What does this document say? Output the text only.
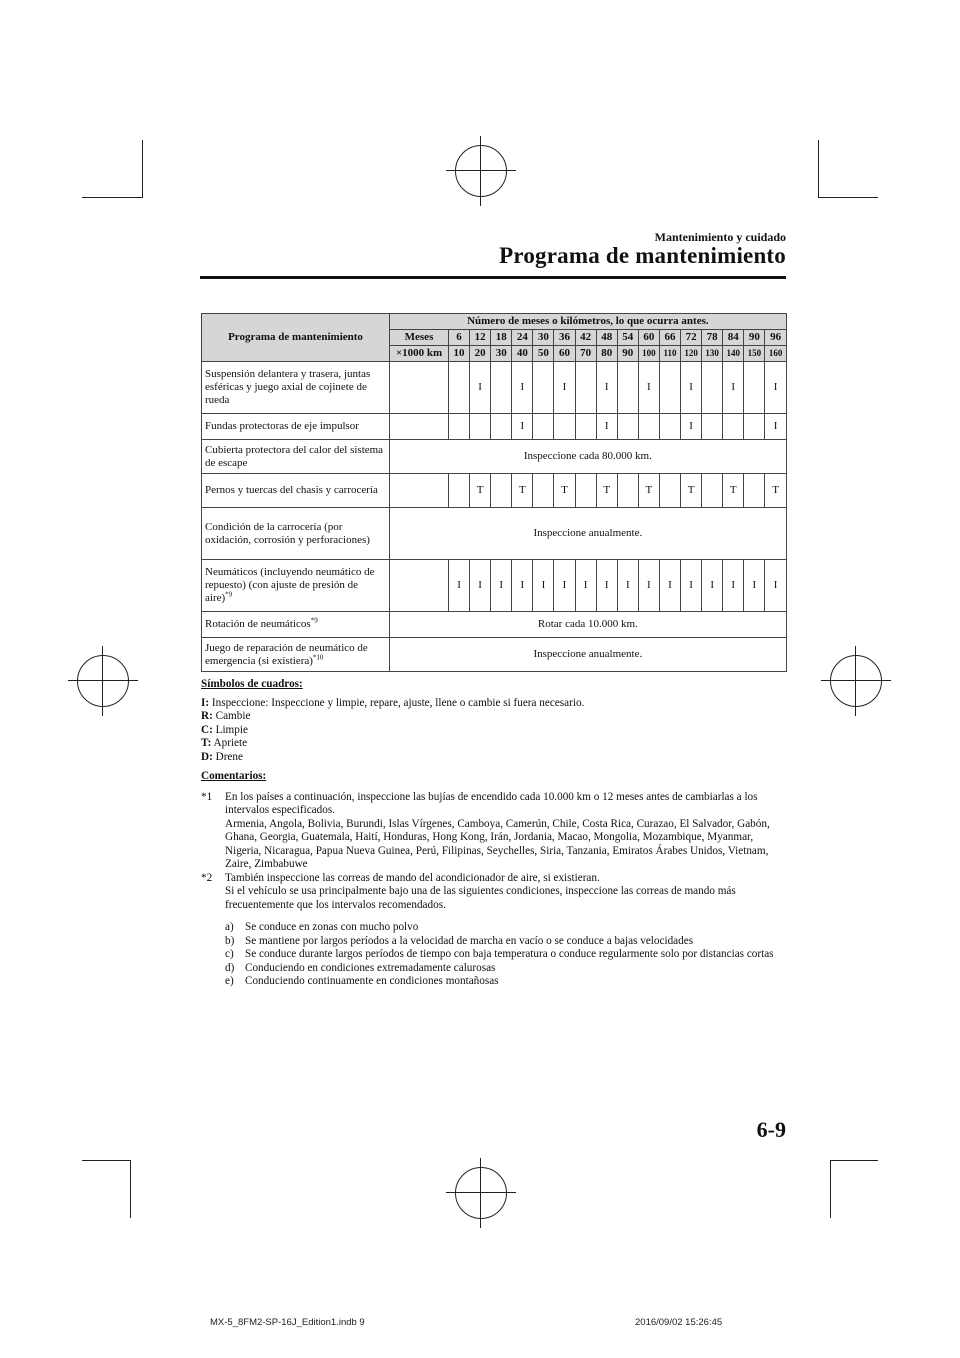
Mantenimiento y cuidado
Programa de mantenimiento
Programa de mantenimiento	Número de meses o kilómetros, lo que ocurra antes.																
	Meses	6	12	18	24	30	36	42	48	54	60	66	72	78	84	90	96
	×1000 km	10	20	30	40	50	60	70	80	90	100	110	120	130	140	150	160
Suspensión delantera y trasera, juntas esféricas y juego axial de cojinete de rueda			I		I		I		I		I		I		I		I
Fundas protectoras de eje impulsor					I				I				I				I
Cubierta protectora del calor del sistema de escape	Inspeccione cada 80.000 km.																
Pernos y tuercas del chasis y carrocería			T		T		T		T		T		T		T		T
Condición de la carrocería (por oxidación, corrosión y perforaciones)	Inspeccione anualmente.																
Neumáticos (incluyendo neumático de repuesto) (con ajuste de presión de aire)$^{*9}$		I	I	I	I	I	I	I	I	I	I	I	I	I	I	I	I
Rotación de neumáticos$^{*9}$	Rotar cada 10.000 km.																
Juego de reparación de neumático de emergencia (si existiera)$^{*10}$	Inspeccione anualmente.																
Símbolos de cuadros:
I: Inspeccione: Inspeccione y limpie, repare, ajuste, llene o cambie si fuera necesario.
R: Cambie
C: Limpie
T: Apriete
D: Drene
Comentarios:
*1 En los países a continuación, inspeccione las bujías de encendido cada 10.000 km o 12 meses antes de cambiarlas a los intervalos especificados.
Armenia, Angola, Bolivia, Burundi, Islas Vírgenes, Camboya, Camerún, Chile, Costa Rica, Curazao, El Salvador, Gabón, Ghana, Georgia, Guatemala, Haití, Honduras, Hong Kong, Irán, Jordania, Macao, Mongolia, Mozambique, Myanmar, Nigeria, Nicaragua, Papua Nueva Guinea, Perú, Filipinas, Seychelles, Siria, Tanzania, Emiratos Árabes Unidos, Vietnam, Zaire, Zimbabuwe
*2 También inspeccione las correas de mando del acondicionador de aire, si existieran.
Si el vehículo se usa principalmente bajo una de las siguientes condiciones, inspeccione las correas de mando más frecuentemente que los intervalos recomendados.
a) Se conduce en zonas con mucho polvo
b) Se mantiene por largos períodos a la velocidad de marcha en vacío o se conduce a bajas velocidades
c) Se conduce durante largos períodos de tiempo con baja temperatura o conduce regularmente solo por distancias cortas
d) Conduciendo en condiciones extremadamente calurosas
e) Conduciendo continuamente en condiciones montañosas
6-9
MX-5_8FM2-SP-16J_Edition1.indb 9	2016/09/02 15:26:45
